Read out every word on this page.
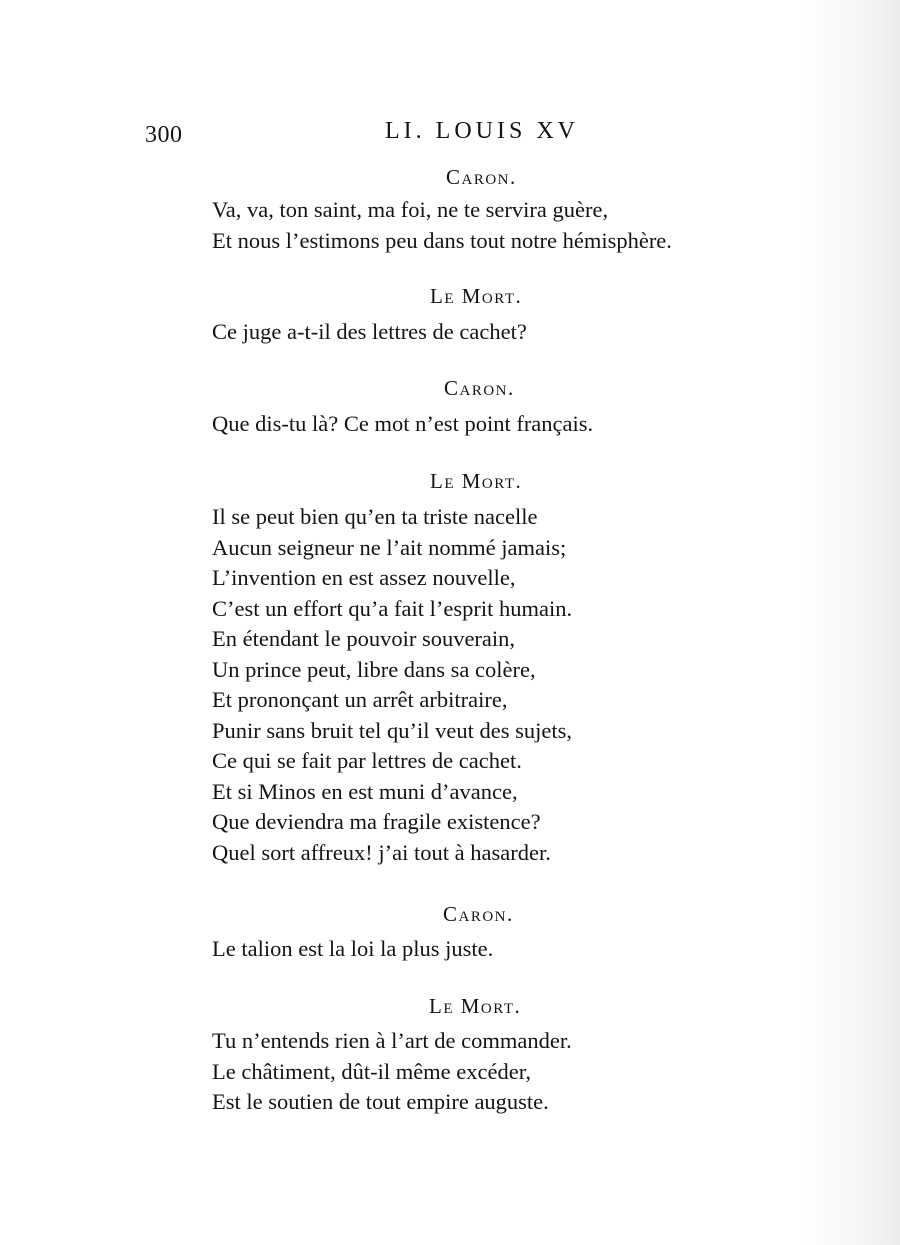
300	LI. LOUIS XV
Caron.
Va, va, ton saint, ma foi, ne te servira guère,
Et nous l’estimons peu dans tout notre hémisphère.
Le Mort.
Ce juge a-t-il des lettres de cachet?
Caron.
Que dis-tu là? Ce mot n’est point français.
Le Mort.
Il se peut bien qu’en ta triste nacelle
Aucun seigneur ne l’ait nommé jamais;
L’invention en est assez nouvelle,
C’est un effort qu’a fait l’esprit humain.
En étendant le pouvoir souverain,
Un prince peut, libre dans sa colère,
Et prononçant un arrêt arbitraire,
Punir sans bruit tel qu’il veut des sujets,
Ce qui se fait par lettres de cachet.
Et si Minos en est muni d’avance,
Que deviendra ma fragile existence?
Quel sort affreux! j’ai tout à hasarder.
Caron.
Le talion est la loi la plus juste.
Le Mort.
Tu n’entends rien à l’art de commander.
Le châtiment, dût-il même excéder,
Est le soutien de tout empire auguste.
